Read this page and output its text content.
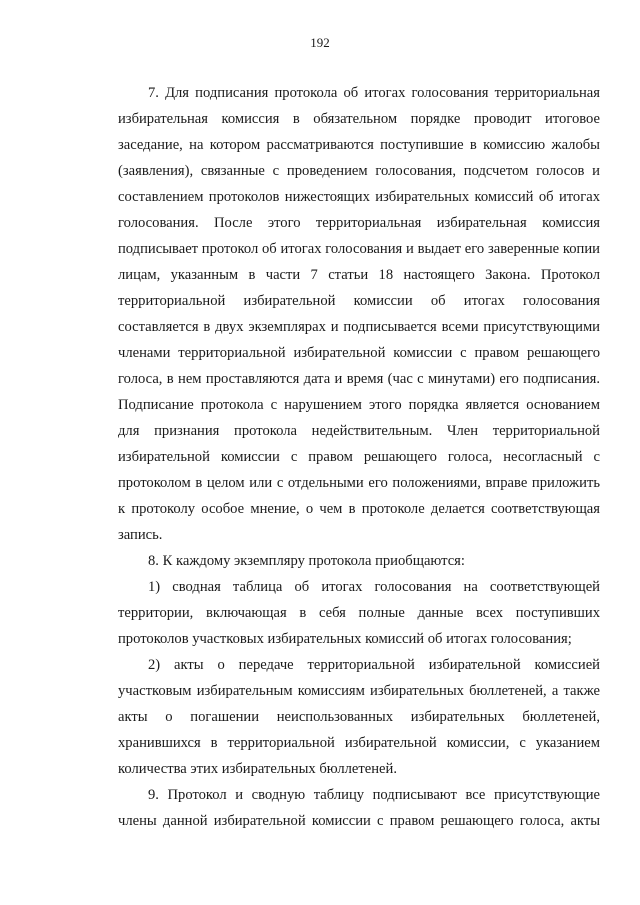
192

7. Для подписания протокола об итогах голосования территориальная избирательная комиссия в обязательном порядке проводит итоговое заседание, на котором рассматриваются поступившие в комиссию жалобы (заявления), связанные с проведением голосования, подсчетом голосов и составлением протоколов нижестоящих избирательных комиссий об итогах голосования. После этого территориальная избирательная комиссия подписывает протокол об итогах голосования и выдает его заверенные копии лицам, указанным в части 7 статьи 18 настоящего Закона. Протокол территориальной избирательной комиссии об итогах голосования составляется в двух экземплярах и подписывается всеми присутствующими членами территориальной избирательной комиссии с правом решающего голоса, в нем проставляются дата и время (час с минутами) его подписания. Подписание протокола с нарушением этого порядка является основанием для признания протокола недействительным. Член территориальной избирательной комиссии с правом решающего голоса, несогласный с протоколом в целом или с отдельными его положениями, вправе приложить к протоколу особое мнение, о чем в протоколе делается соответствующая запись.

8. К каждому экземпляру протокола приобщаются:

1) сводная таблица об итогах голосования на соответствующей территории, включающая в себя полные данные всех поступивших протоколов участковых избирательных комиссий об итогах голосования;

2) акты о передаче территориальной избирательной комиссией участковым избирательным комиссиям избирательных бюллетеней, а также акты о погашении неиспользованных избирательных бюллетеней, хранившихся в территориальной избирательной комиссии, с указанием количества этих избирательных бюллетеней.

9. Протокол и сводную таблицу подписывают все присутствующие члены данной избирательной комиссии с правом решающего голоса, акты
